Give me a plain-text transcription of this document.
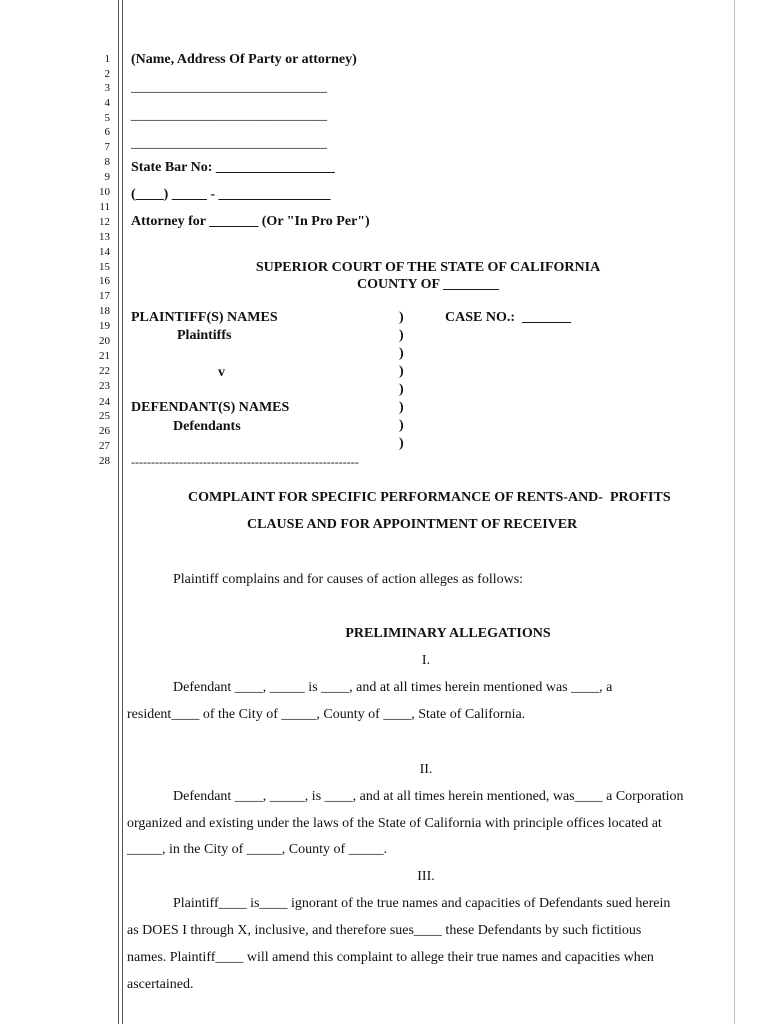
1
2
3
4
5
6
7
8
9
10
11
12
13
14
15
16
17
18
19
20
21
22
23
24
25
26
27
28
(Name, Address Of Party or attorney)
____________________________
____________________________
____________________________
State Bar No: _________________
(____) _____ - ________________
Attorney for _______ (Or "In Pro Per")
SUPERIOR COURT OF THE STATE OF CALIFORNIA
COUNTY OF ________
PLAINTIFF(S) NAMES
Plaintiffs
v
DEFENDANT(S) NAMES
Defendants
)
)
)
)
)
)
)
)
CASE NO.:  _______
---------------------------------------------------------
COMPLAINT FOR SPECIFIC PERFORMANCE OF RENTS-AND-  PROFITS
CLAUSE AND FOR APPOINTMENT OF RECEIVER
Plaintiff complains and for causes of action alleges as follows:
PRELIMINARY ALLEGATIONS
I.
Defendant ____, _____ is ____, and at all times herein mentioned was ____, a
resident____ of the City of _____, County of ____, State of California.
II.
Defendant ____, _____, is ____, and at all times herein mentioned, was____ a Corporation
organized and existing under the laws of the State of California with principle offices located at
_____, in the City of _____, County of _____.
III.
Plaintiff____ is____ ignorant of the true names and capacities of Defendants sued herein
as DOES I through X, inclusive, and therefore sues____ these Defendants by such fictitious
names. Plaintiff____ will amend this complaint to allege their true names and capacities when
ascertained.
